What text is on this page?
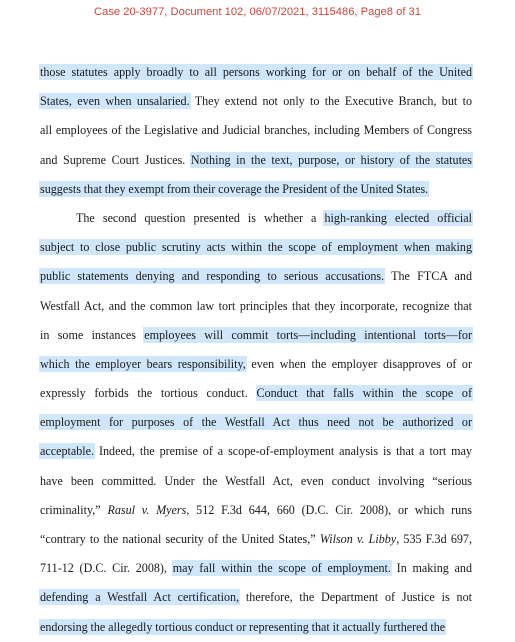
Case 20-3977, Document 102, 06/07/2021, 3115486, Page8 of 31
those statutes apply broadly to all persons working for or on behalf of the United
States, even when unsalaried. They extend not only to the Executive Branch, but to
all employees of the Legislative and Judicial branches, including Members of Congress
and Supreme Court Justices. Nothing in the text, purpose, or history of the statutes
suggests that they exempt from their coverage the President of the United States.
The second question presented is whether a high-ranking elected official
subject to close public scrutiny acts within the scope of employment when making
public statements denying and responding to serious accusations. The FTCA and
Westfall Act, and the common law tort principles that they incorporate, recognize that
in some instances employees will commit torts—including intentional torts—for
which the employer bears responsibility, even when the employer disapproves of or
expressly forbids the tortious conduct. Conduct that falls within the scope of
employment for purposes of the Westfall Act thus need not be authorized or
acceptable. Indeed, the premise of a scope-of-employment analysis is that a tort may
have been committed. Under the Westfall Act, even conduct involving “serious
criminality,” Rasul v. Myers, 512 F.3d 644, 660 (D.C. Cir. 2008), or which runs
“contrary to the national security of the United States,” Wilson v. Libby, 535 F.3d 697,
711-12 (D.C. Cir. 2008), may fall within the scope of employment. In making and
defending a Westfall Act certification, therefore, the Department of Justice is not
endorsing the allegedly tortious conduct or representing that it actually furthered the
